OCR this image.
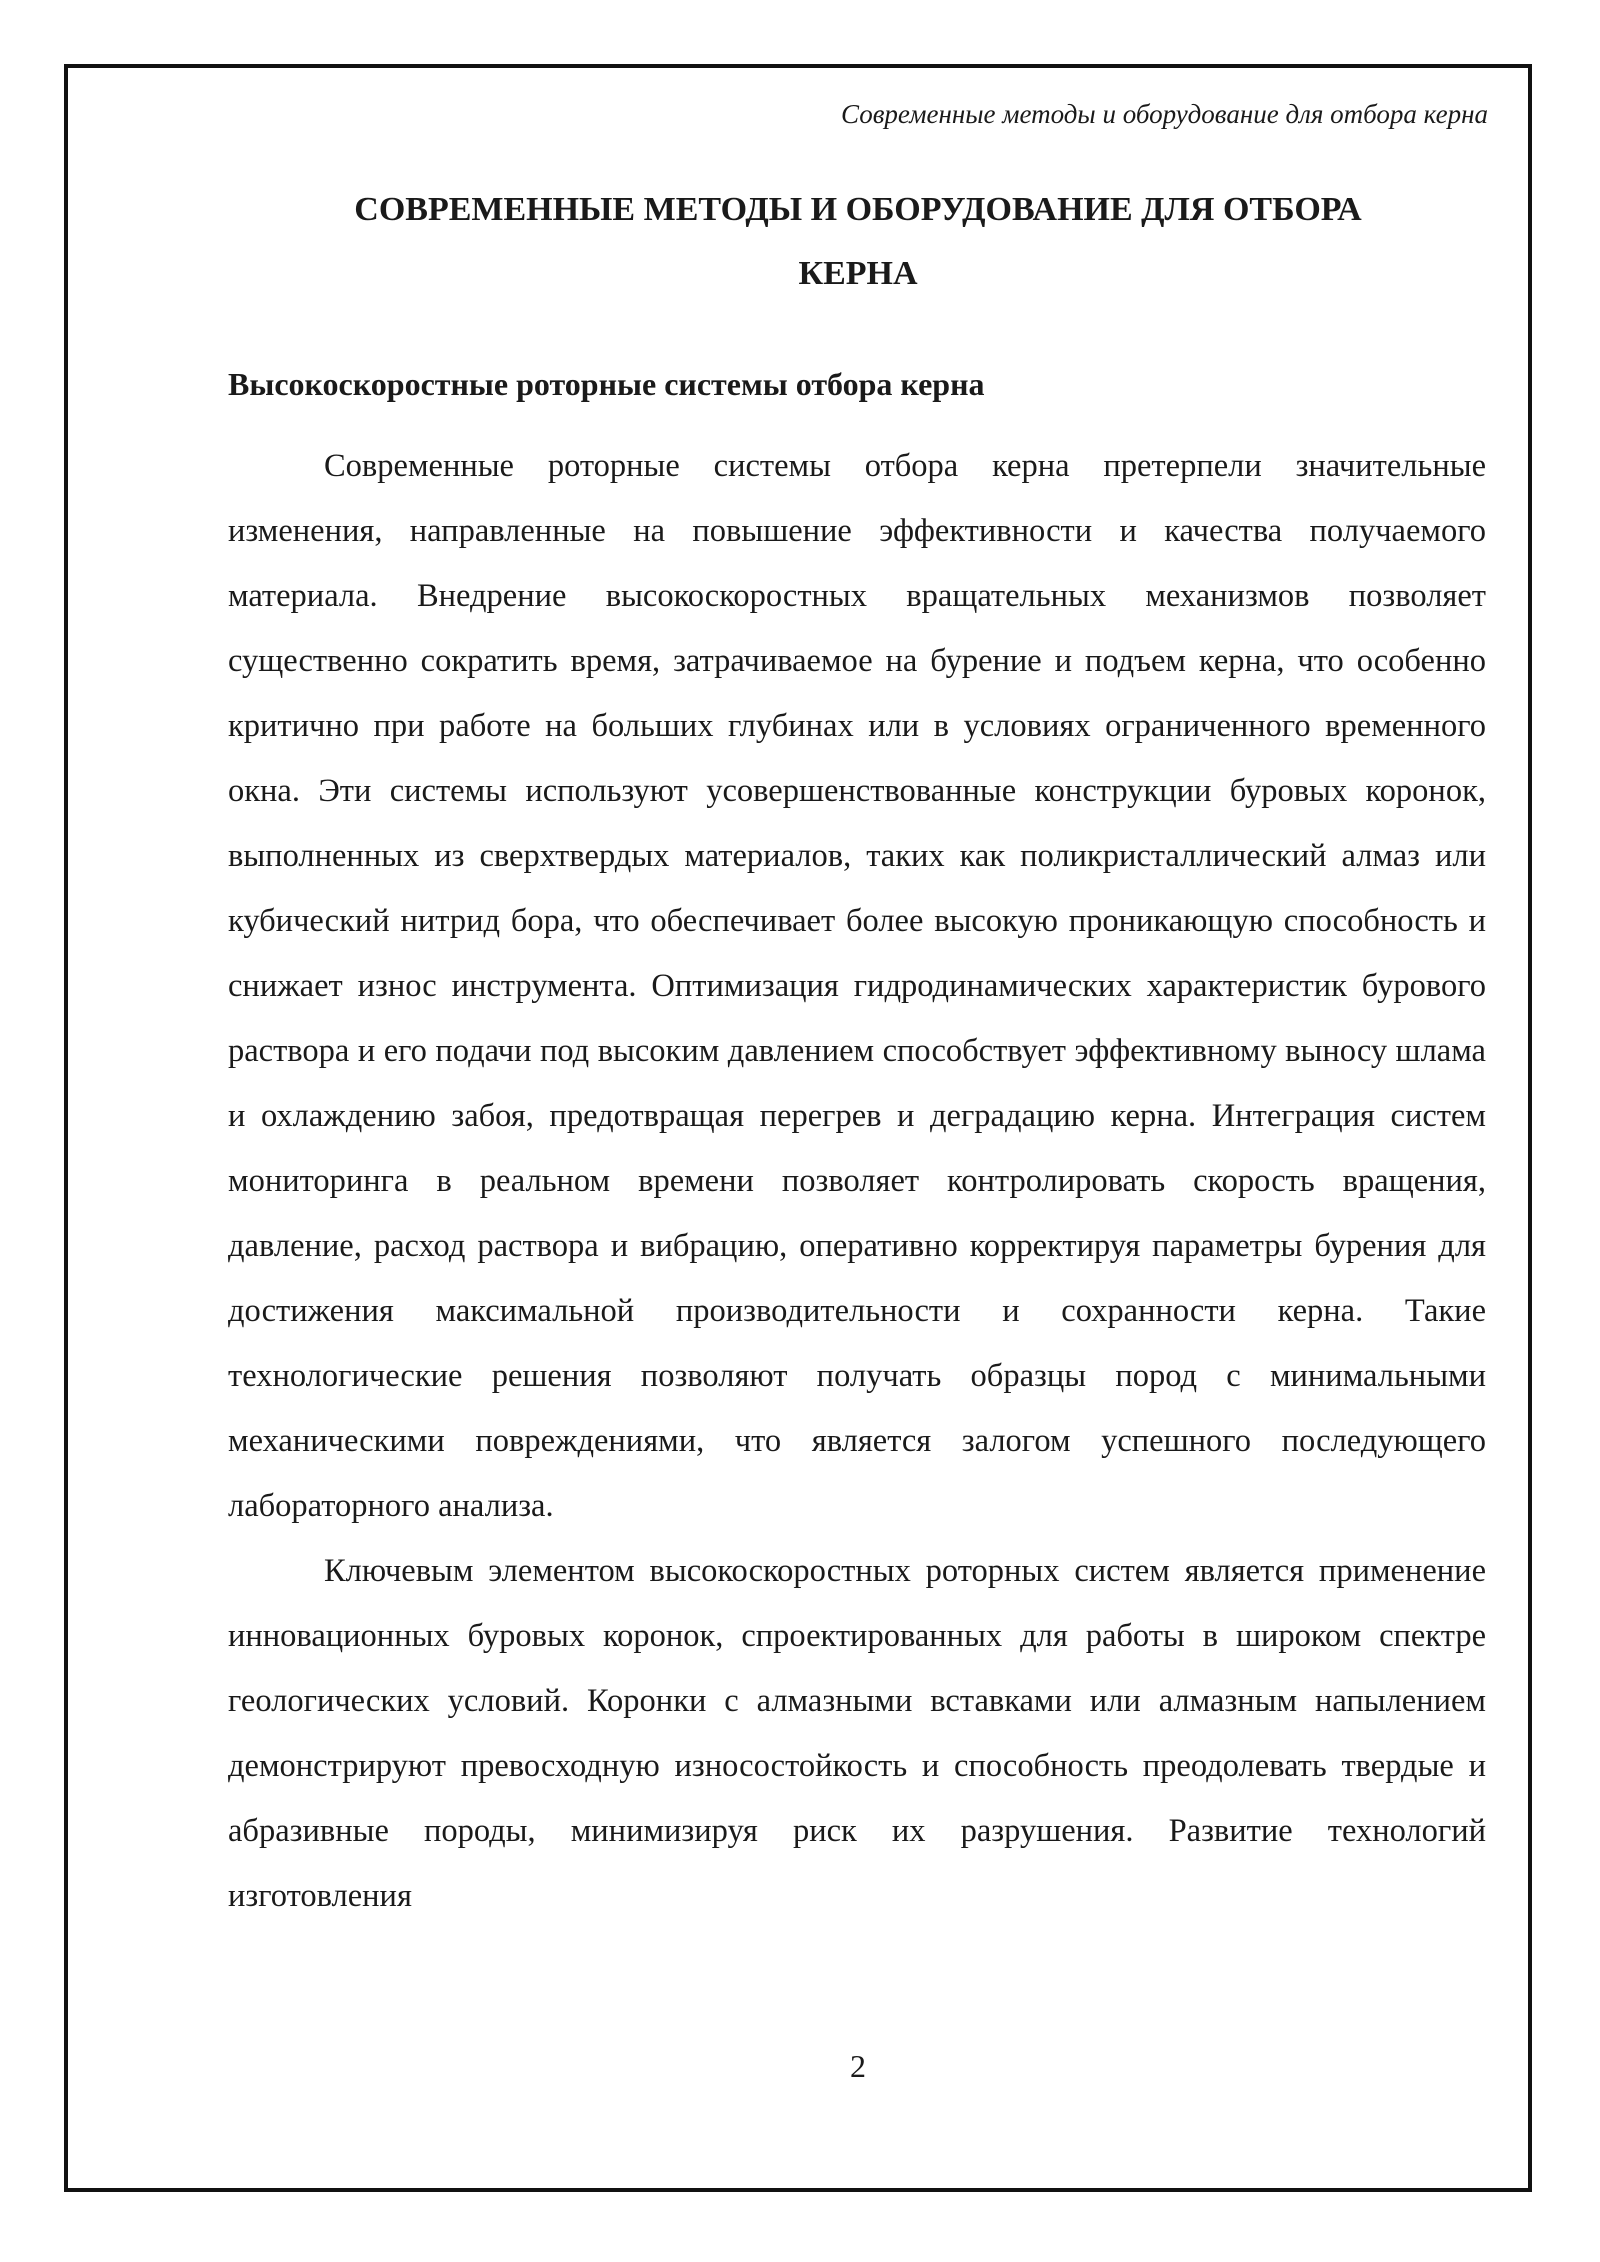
Современные методы и оборудование для отбора керна
СОВРЕМЕННЫЕ МЕТОДЫ И ОБОРУДОВАНИЕ ДЛЯ ОТБОРА
КЕРНА
Высокоскоростные роторные системы отбора керна

Современные роторные системы отбора керна претерпели значительные изменения, направленные на повышение эффективности и качества получаемого материала. Внедрение высокоскоростных вращательных механизмов позволяет существенно сократить время, затрачиваемое на бурение и подъем керна, что особенно критично при работе на больших глубинах или в условиях ограниченного временного окна. Эти системы используют усовершенствованные конструкции буровых коронок, выполненных из сверхтвердых материалов, таких как поликристаллический алмаз или кубический нитрид бора, что обеспечивает более высокую проникающую способность и снижает износ инструмента. Оптимизация гидродинамических характеристик бурового раствора и его подачи под высоким давлением способствует эффективному выносу шлама и охлаждению забоя, предотвращая перегрев и деградацию керна. Интеграция систем мониторинга в реальном времени позволяет контролировать скорость вращения, давление, расход раствора и вибрацию, оперативно корректируя параметры бурения для достижения максимальной производительности и сохранности керна. Такие технологические решения позволяют получать образцы пород с минимальными механическими повреждениями, что является залогом успешного последующего лабораторного анализа.

Ключевым элементом высокоскоростных роторных систем является применение инновационных буровых коронок, спроектированных для работы в широком спектре геологических условий. Коронки с алмазными вставками или алмазным напылением демонстрируют превосходную износостойкость и способность преодолевать твердые и абразивные породы, минимизируя риск их разрушения. Развитие технологий изготовления

2
